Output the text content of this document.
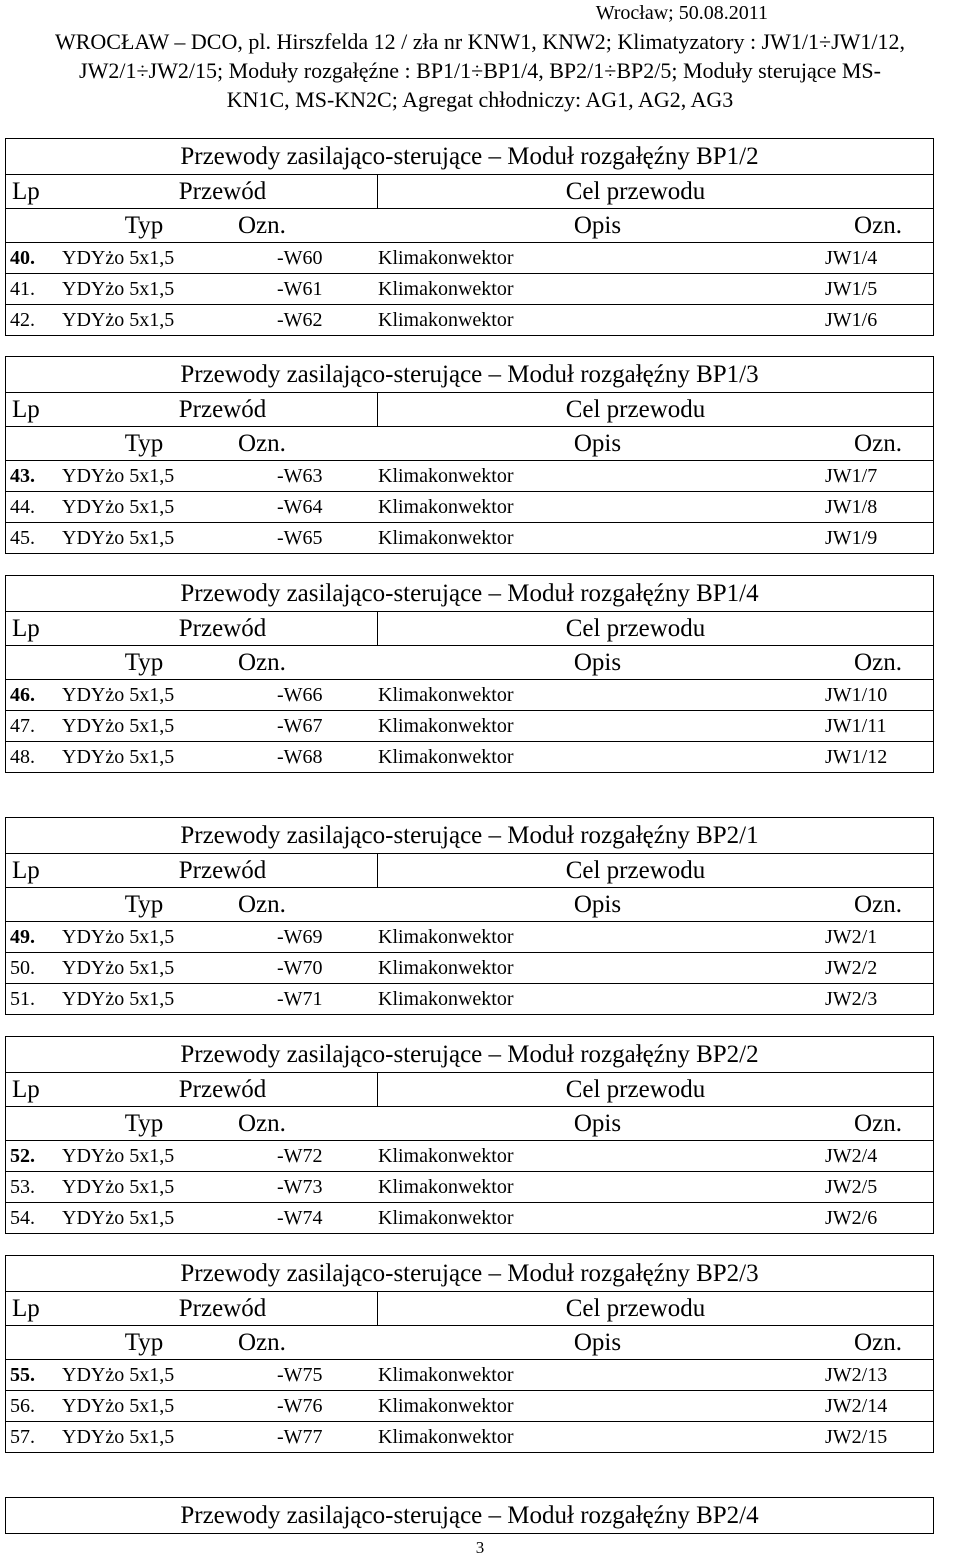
Wrocław; 50.08.2011
WROCŁAW – DCO, pl. Hirszfelda 12 / zła nr KNW1, KNW2; Klimatyzatory : JW1/1÷JW1/12,
JW2/1÷JW2/15; Moduły rozgałęźne : BP1/1÷BP1/4, BP2/1÷BP2/5; Moduły sterujące MS-
KN1C, MS-KN2C; Agregat chłodniczy: AG1, AG2, AG3
Przewody zasilająco-sterujące – Moduł rozgałęźny BP1/2
Lp	Przewód	Cel przewodu
Typ	Ozn.	Opis	Ozn.
40.	YDYżo 5x1,5	-W60	Klimakonwektor	JW1/4
41.	YDYżo 5x1,5	-W61	Klimakonwektor	JW1/5
42.	YDYżo 5x1,5	-W62	Klimakonwektor	JW1/6
Przewody zasilająco-sterujące – Moduł rozgałęźny BP1/3
Lp	Przewód	Cel przewodu
Typ	Ozn.	Opis	Ozn.
43.	YDYżo 5x1,5	-W63	Klimakonwektor	JW1/7
44.	YDYżo 5x1,5	-W64	Klimakonwektor	JW1/8
45.	YDYżo 5x1,5	-W65	Klimakonwektor	JW1/9
Przewody zasilająco-sterujące – Moduł rozgałęźny BP1/4
Lp	Przewód	Cel przewodu
Typ	Ozn.	Opis	Ozn.
46.	YDYżo 5x1,5	-W66	Klimakonwektor	JW1/10
47.	YDYżo 5x1,5	-W67	Klimakonwektor	JW1/11
48.	YDYżo 5x1,5	-W68	Klimakonwektor	JW1/12
Przewody zasilająco-sterujące – Moduł rozgałęźny BP2/1
Lp	Przewód	Cel przewodu
Typ	Ozn.	Opis	Ozn.
49.	YDYżo 5x1,5	-W69	Klimakonwektor	JW2/1
50.	YDYżo 5x1,5	-W70	Klimakonwektor	JW2/2
51.	YDYżo 5x1,5	-W71	Klimakonwektor	JW2/3
Przewody zasilająco-sterujące – Moduł rozgałęźny BP2/2
Lp	Przewód	Cel przewodu
Typ	Ozn.	Opis	Ozn.
52.	YDYżo 5x1,5	-W72	Klimakonwektor	JW2/4
53.	YDYżo 5x1,5	-W73	Klimakonwektor	JW2/5
54.	YDYżo 5x1,5	-W74	Klimakonwektor	JW2/6
Przewody zasilająco-sterujące – Moduł rozgałęźny BP2/3
Lp	Przewód	Cel przewodu
Typ	Ozn.	Opis	Ozn.
55.	YDYżo 5x1,5	-W75	Klimakonwektor	JW2/13
56.	YDYżo 5x1,5	-W76	Klimakonwektor	JW2/14
57.	YDYżo 5x1,5	-W77	Klimakonwektor	JW2/15
Przewody zasilająco-sterujące – Moduł rozgałęźny BP2/4
3
